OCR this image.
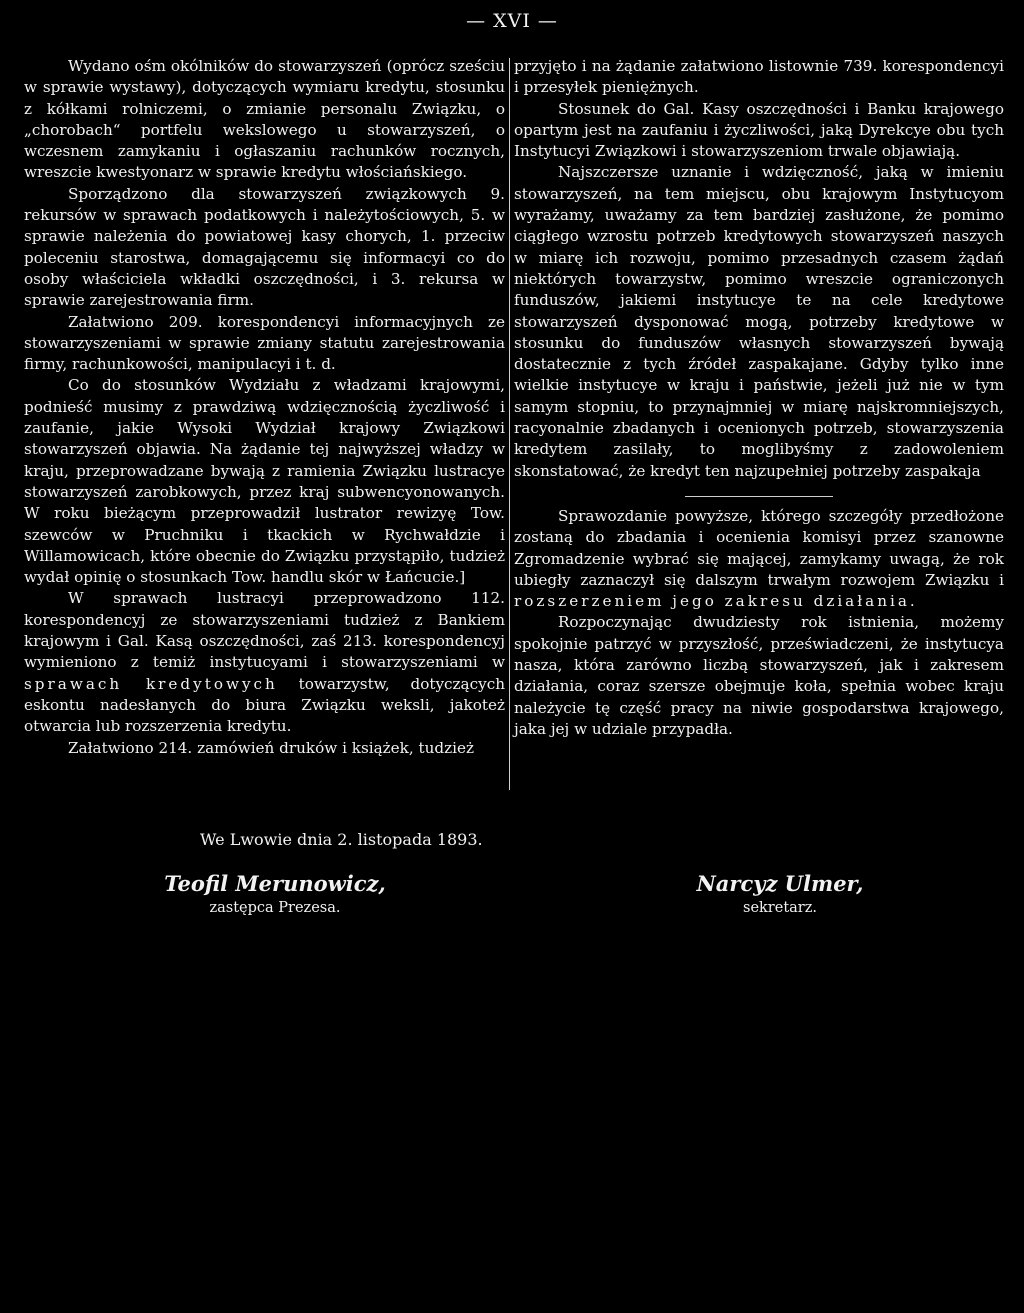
— XVI —

Wydano ośm okólników do stowarzyszeń (oprócz sześciu w sprawie wystawy), dotyczących wymiaru kredytu, stosunku z kółkami rolniczemi, o zmianie personalu Związku, o „chorobach“ portfelu wekslowego u stowarzyszeń, o wczesnem zamykaniu i ogłaszaniu rachunków rocznych, wreszcie kwestyonarz w sprawie kredytu włościańskiego.

Sporządzono dla stowarzyszeń związkowych 9. rekursów w sprawach podatkowych i należytościowych, 5. w sprawie należenia do powiatowej kasy chorych, 1. przeciw poleceniu starostwa, domagającemu się informacyi co do osoby właściciela wkładki oszczędności, i 3. rekursa w sprawie zarejestrowania firm.

Załatwiono 209. korespondencyi informacyjnych ze stowarzyszeniami w sprawie zmiany statutu zarejestrowania firmy, rachunkowości, manipulacyi i t. d.

Co do stosunków Wydziału z władzami krajowymi, podnieść musimy z prawdziwą wdzięcznością życzliwość i zaufanie, jakie Wysoki Wydział krajowy Związkowi stowarzyszeń objawia. Na żądanie tej najwyższej władzy w kraju, przeprowadzane bywają z ramienia Związku lustracye stowarzyszeń zarobkowych, przez kraj subwencyonowanych. W roku bieżącym przeprowadził lustrator rewizyę Tow. szewców w Pruchniku i tkackich w Rychwałdzie i Willamowicach, które obecnie do Związku przystąpiło, tudzież wydał opinię o stosunkach Tow. handlu skór w Łańcucie.]

W sprawach lustracyi przeprowadzono 112. korespondencyj ze stowarzyszeniami tudzież z Bankiem krajowym i Gal. Kasą oszczędności, zaś 213. korespondencyj wymieniono z temiż instytucyami i stowarzyszeniami w sprawach kredytowych towarzystw, dotyczących eskontu nadesłanych do biura Związku weksli, jakoteż otwarcia lub rozszerzenia kredytu.

Załatwiono 214. zamówień druków i książek, tudzież

przyjęto i na żądanie załatwiono listownie 739. korespondencyi i przesyłek pieniężnych.

Stosunek do Gal. Kasy oszczędności i Banku krajowego opartym jest na zaufaniu i życzliwości, jaką Dyrekcye obu tych Instytucyi Związkowi i stowarzyszeniom trwale objawiają.

Najszczersze uznanie i wdzięczność, jaką w imieniu stowarzyszeń, na tem miejscu, obu krajowym Instytucyom wyrażamy, uważamy za tem bardziej zasłużone, że pomimo ciągłego wzrostu potrzeb kredytowych stowarzyszeń naszych w miarę ich rozwoju, pomimo przesadnych czasem żądań niektórych towarzystw, pomimo wreszcie ograniczonych funduszów, jakiemi instytucye te na cele kredytowe stowarzyszeń dysponować mogą, potrzeby kredytowe w stosunku do funduszów własnych stowarzyszeń bywają dostatecznie z tych źródeł zaspakajane. Gdyby tylko inne wielkie instytucye w kraju i państwie, jeżeli już nie w tym samym stopniu, to przynajmniej w miarę najskromniejszych, racyonalnie zbadanych i ocenionych potrzeb, stowarzyszenia kredytem zasilały, to moglibyśmy z zadowoleniem skonstatować, że kredyt ten najzupełniej potrzeby zaspakaja

Sprawozdanie powyższe, którego szczegóły przedłożone zostaną do zbadania i ocenienia komisyi przez szanowne Zgromadzenie wybrać się mającej, zamykamy uwagą, że rok ubiegły zaznaczył się dalszym trwałym rozwojem Związku i rozszerzeniem jego zakresu działania.

Rozpoczynając dwudziesty rok istnienia, możemy spokojnie patrzyć w przyszłość, przeświadczeni, że instytucya nasza, która zarówno liczbą stowarzyszeń, jak i zakresem działania, coraz szersze obejmuje koła, spełnia wobec kraju należycie tę część pracy na niwie gospodarstwa krajowego, jaka jej w udziale przypadła.

We Lwowie dnia 2. listopada 1893.

Teofil Merunowicz,

zastępca Prezesa.

Narcyz Ulmer,

sekretarz.
